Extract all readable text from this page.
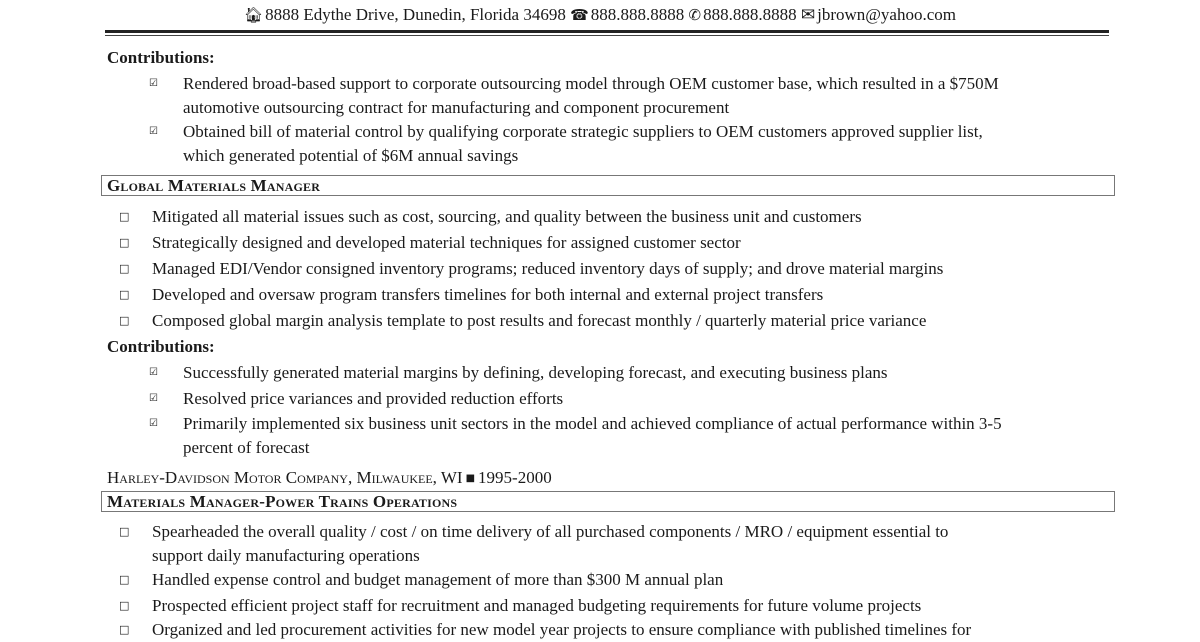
🏠︎ 8888 Edythe Drive, Dunedin, Florida 34698 ☎ 888.888.8888 ✆ 888.888.8888 ✉ jbrown@yahoo.com
Contributions:
☑ Rendered broad-based support to corporate outsourcing model through OEM customer base, which resulted in a $750M
automotive outsourcing contract for manufacturing and component procurement
☑ Obtained bill of material control by qualifying corporate strategic suppliers to OEM customers approved supplier list,
which generated potential of $6M annual savings
Global Materials Manager
□ Mitigated all material issues such as cost, sourcing, and quality between the business unit and customers
□ Strategically designed and developed material techniques for assigned customer sector
□ Managed EDI/Vendor consigned inventory programs; reduced inventory days of supply; and drove material margins
□ Developed and oversaw program transfers timelines for both internal and external project transfers
□ Composed global margin analysis template to post results and forecast monthly / quarterly material price variance
Contributions:
☑ Successfully generated material margins by defining, developing forecast, and executing business plans
☑ Resolved price variances and provided reduction efforts
☑ Primarily implemented six business unit sectors in the model and achieved compliance of actual performance within 3-5
percent of forecast
Harley-Davidson Motor Company, Milwaukee, WI ■ 1995-2000
Materials Manager-Power Trains Operations
□ Spearheaded the overall quality / cost / on time delivery of all purchased components / MRO / equipment essential to
support daily manufacturing operations
□ Handled expense control and budget management of more than $300 M annual plan
□ Prospected efficient project staff for recruitment and managed budgeting requirements for future volume projects
□ Organized and led procurement activities for new model year projects to ensure compliance with published timelines for
